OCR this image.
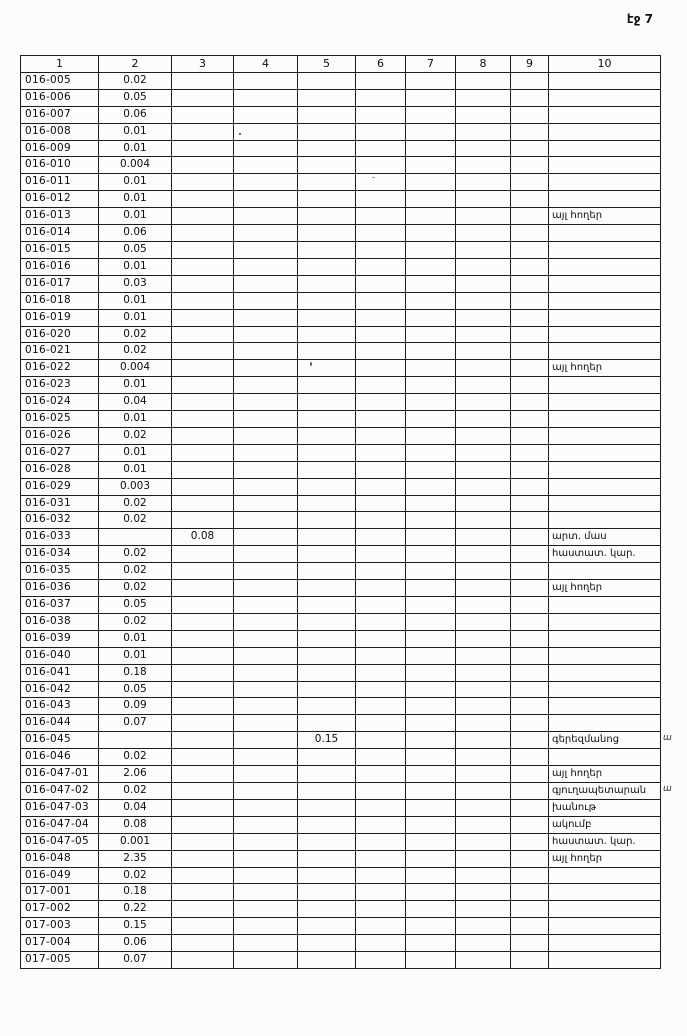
էջ 7
1	2	3	4	5	6	7	8	9	10
016-005	0.02								
016-006	0.05								
016-007	0.06								
016-008	0.01								
016-009	0.01								
016-010	0.004								
016-011	0.01								
016-012	0.01								
016-013	0.01								այլ հողեր
016-014	0.06								
016-015	0.05								
016-016	0.01								
016-017	0.03								
016-018	0.01								
016-019	0.01								
016-020	0.02								
016-021	0.02								
016-022	0.004								այլ հողեր
016-023	0.01								
016-024	0.04								
016-025	0.01								
016-026	0.02								
016-027	0.01								
016-028	0.01								
016-029	0.003								
016-031	0.02								
016-032	0.02								
016-033		0.08							արտ. մաս
016-034	0.02								հաստատ. կար.
016-035	0.02								
016-036	0.02								այլ հողեր
016-037	0.05								
016-038	0.02								
016-039	0.01								
016-040	0.01								
016-041	0.18								
016-042	0.05								
016-043	0.09								
016-044	0.07								
016-045				0.15					գերեզմանոց
016-046	0.02								
016-047-01	2.06								այլ հողեր
016-047-02	0.02								գյուղապետարան
016-047-03	0.04								խանութ
016-047-04	0.08								ակումբ
016-047-05	0.001								հաստատ. կար.
016-048	2.35								այլ հողեր
016-049	0.02								
017-001	0.18								
017-002	0.22								
017-003	0.15								
017-004	0.06								
017-005	0.07								
ա
ա
